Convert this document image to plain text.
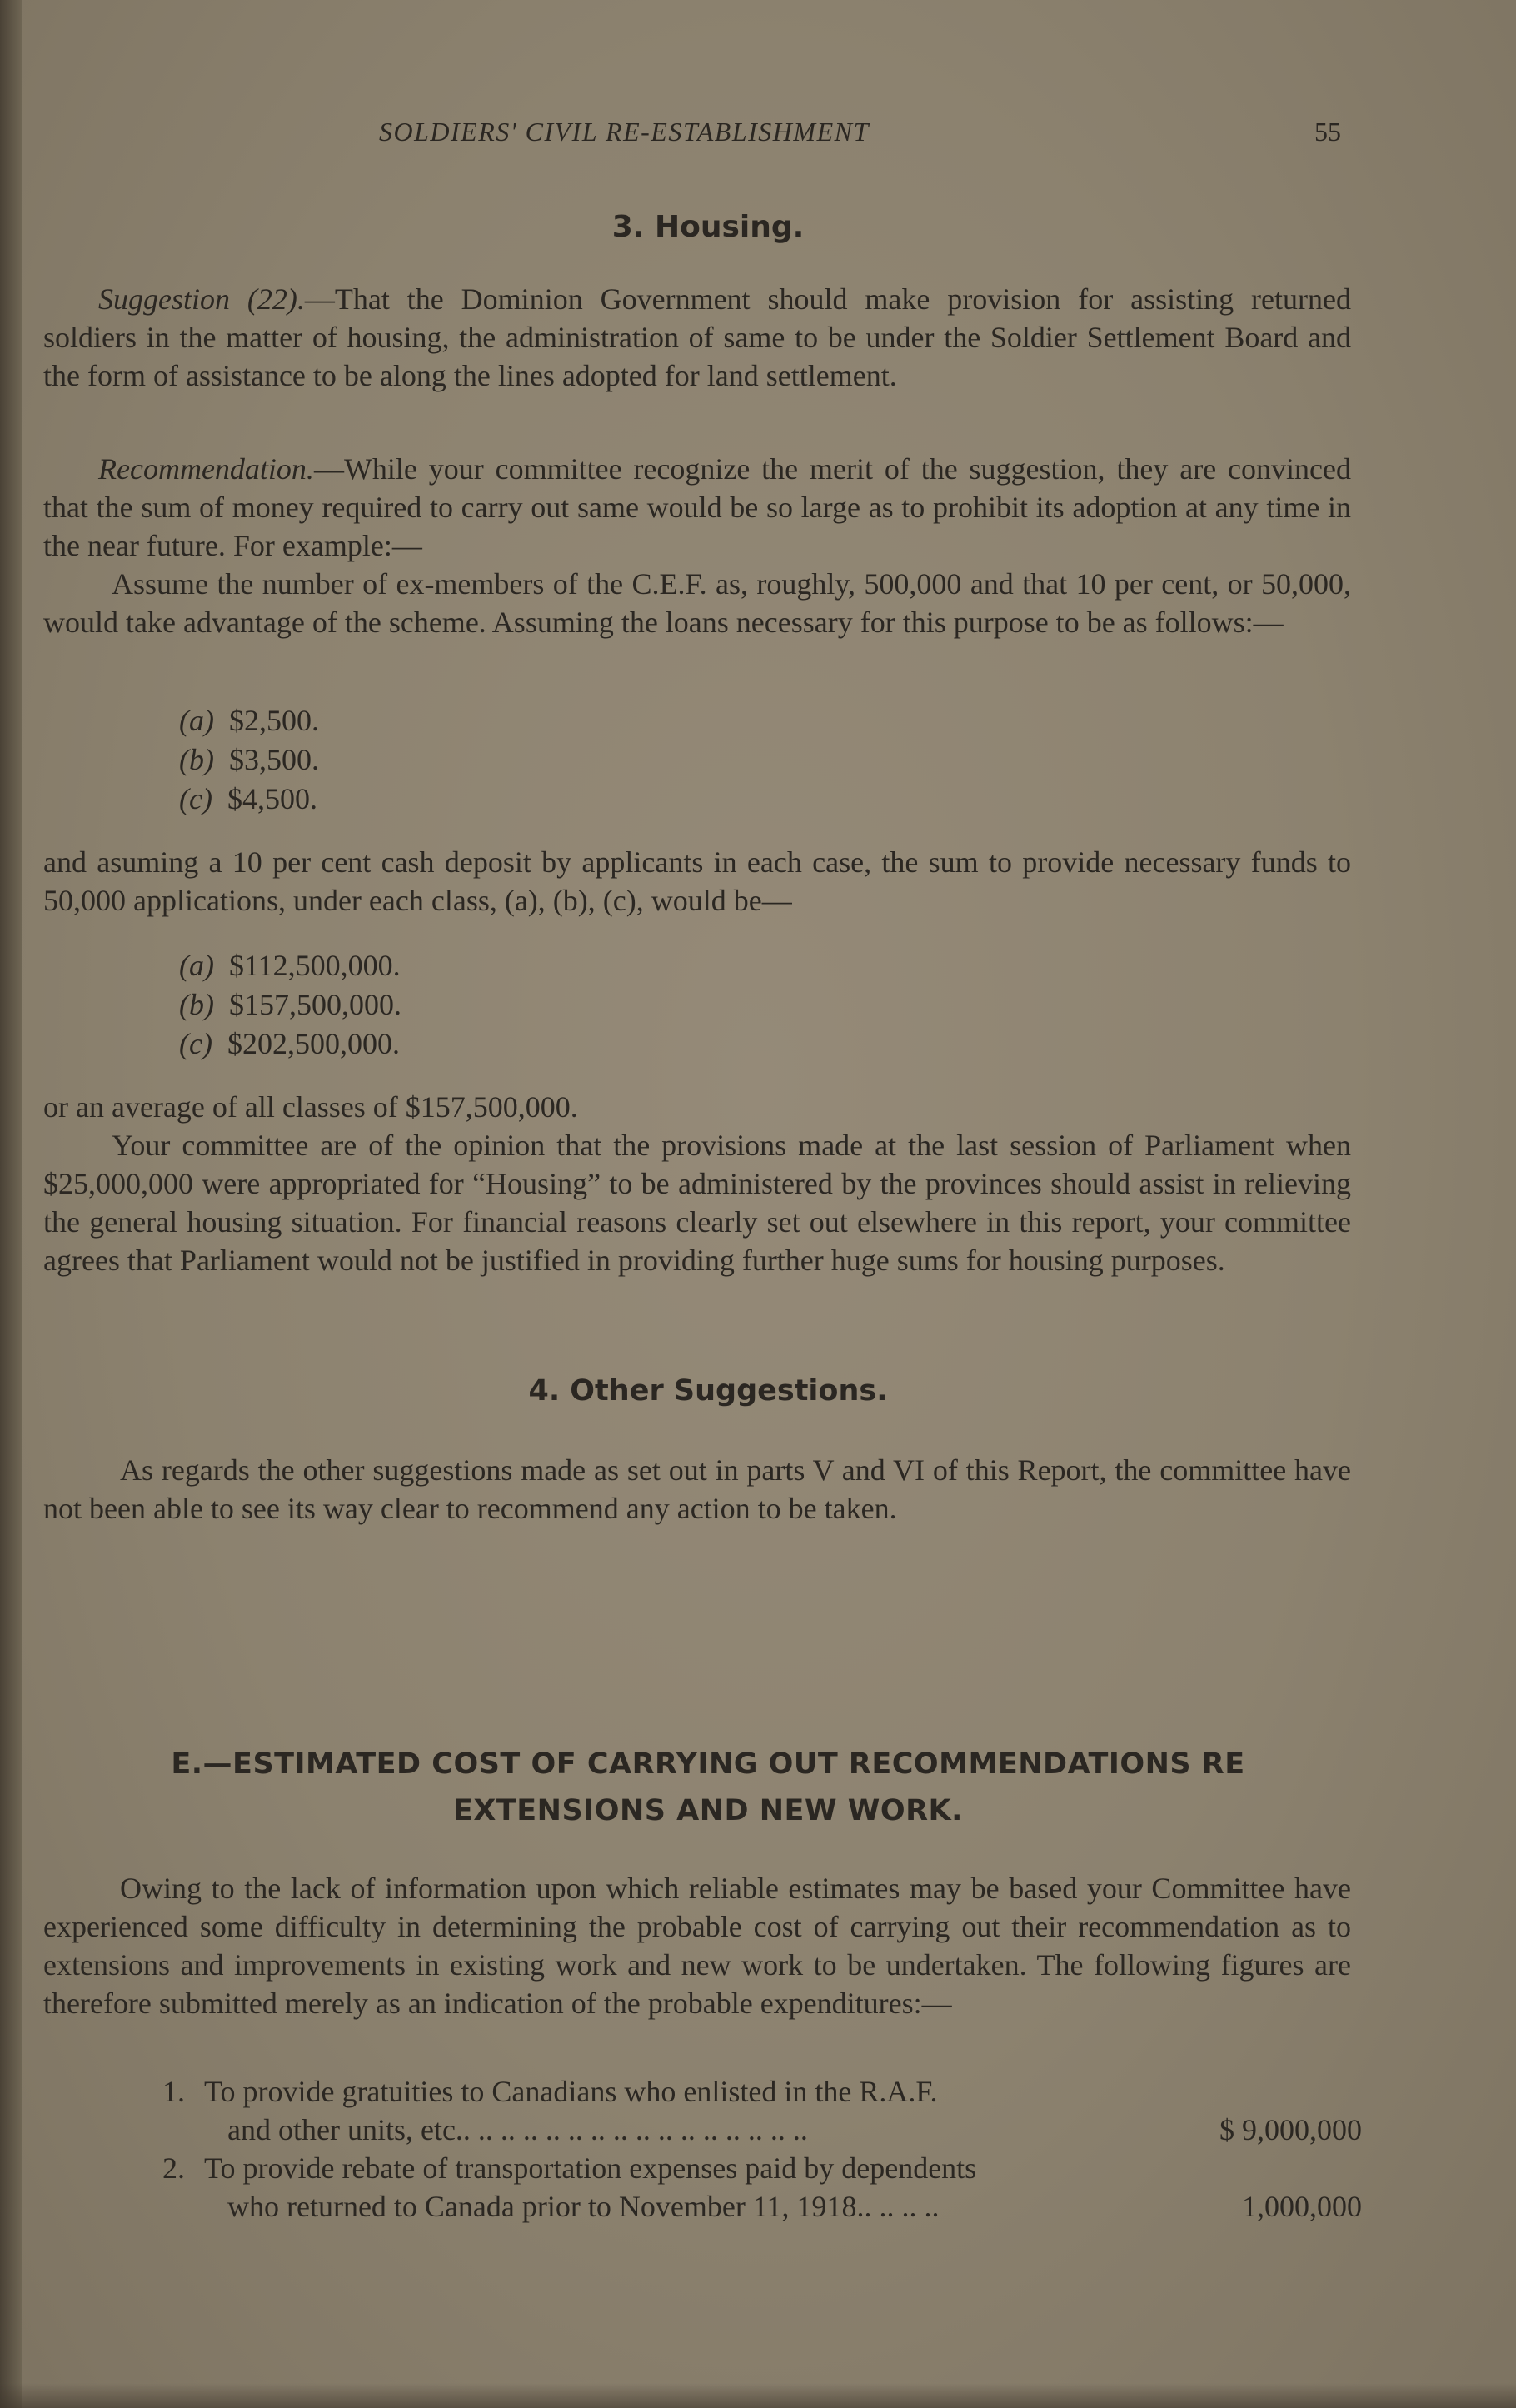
SOLDIERS' CIVIL RE-ESTABLISHMENT	55
3. Housing.

Suggestion (22).—That the Dominion Government should make provision for assisting returned soldiers in the matter of housing, the administration of same to be under the Soldier Settlement Board and the form of assistance to be along the lines adopted for land settlement.

Recommendation.—While your committee recognize the merit of the suggestion, they are convinced that the sum of money required to carry out same would be so large as to prohibit its adoption at any time in the near future. For example:—

Assume the number of ex-members of the C.E.F. as, roughly, 500,000 and that 10 per cent, or 50,000, would take advantage of the scheme. Assuming the loans necessary for this purpose to be as follows:—

(a) $2,500.
(b) $3,500.
(c) $4,500.

and asuming a 10 per cent cash deposit by applicants in each case, the sum to provide necessary funds to 50,000 applications, under each class, (a), (b), (c), would be—

(a) $112,500,000.
(b) $157,500,000.
(c) $202,500,000.

or an average of all classes of $157,500,000.

Your committee are of the opinion that the provisions made at the last session of Parliament when $25,000,000 were appropriated for “Housing” to be administered by the provinces should assist in relieving the general housing situation. For financial reasons clearly set out elsewhere in this report, your committee agrees that Parliament would not be justified in providing further huge sums for housing purposes.

4. Other Suggestions.

As regards the other suggestions made as set out in parts V and VI of this Report, the committee have not been able to see its way clear to recommend any action to be taken.

E.—ESTIMATED COST OF CARRYING OUT RECOMMENDATIONS RE
EXTENSIONS AND NEW WORK.

Owing to the lack of information upon which reliable estimates may be based your Committee have experienced some difficulty in determining the probable cost of carrying out their recommendation as to extensions and improvements in existing work and new work to be undertaken. The following figures are therefore submitted merely as an indication of the probable expenditures:—

1. To provide gratuities to Canadians who enlisted in the R.A.F.
and other units, etc.. .. .. .. .. .. .. .. .. .. .. .. .. .. .. ..	$ 9,000,000
2. To provide rebate of transportation expenses paid by dependents
who returned to Canada prior to November 11, 1918.. .. .. ..	1,000,000
